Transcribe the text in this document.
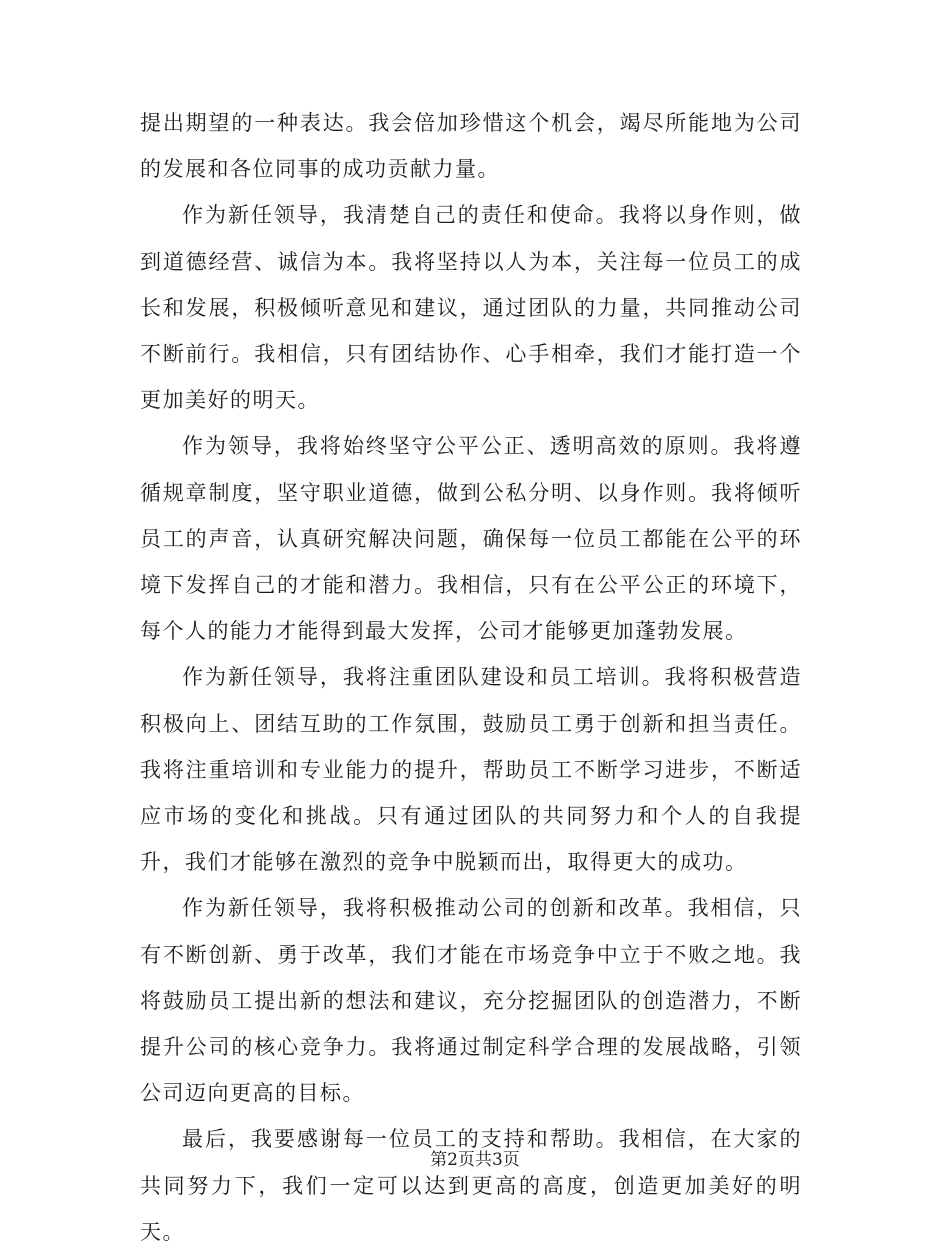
提出期望的一种表达。我会倍加珍惜这个机会，竭尽所能地为公司的发展和各位同事的成功贡献力量。

作为新任领导，我清楚自己的责任和使命。我将以身作则，做到道德经营、诚信为本。我将坚持以人为本，关注每一位员工的成长和发展，积极倾听意见和建议，通过团队的力量，共同推动公司不断前行。我相信，只有团结协作、心手相牵，我们才能打造一个更加美好的明天。

作为领导，我将始终坚守公平公正、透明高效的原则。我将遵循规章制度，坚守职业道德，做到公私分明、以身作则。我将倾听员工的声音，认真研究解决问题，确保每一位员工都能在公平的环境下发挥自己的才能和潜力。我相信，只有在公平公正的环境下，每个人的能力才能得到最大发挥，公司才能够更加蓬勃发展。

作为新任领导，我将注重团队建设和员工培训。我将积极营造积极向上、团结互助的工作氛围，鼓励员工勇于创新和担当责任。我将注重培训和专业能力的提升，帮助员工不断学习进步，不断适应市场的变化和挑战。只有通过团队的共同努力和个人的自我提升，我们才能够在激烈的竞争中脱颖而出，取得更大的成功。

作为新任领导，我将积极推动公司的创新和改革。我相信，只有不断创新、勇于改革，我们才能在市场竞争中立于不败之地。我将鼓励员工提出新的想法和建议，充分挖掘团队的创造潜力，不断提升公司的核心竞争力。我将通过制定科学合理的发展战略，引领公司迈向更高的目标。

最后，我要感谢每一位员工的支持和帮助。我相信，在大家的共同努力下，我们一定可以达到更高的高度，创造更加美好的明天。

第2页共3页
